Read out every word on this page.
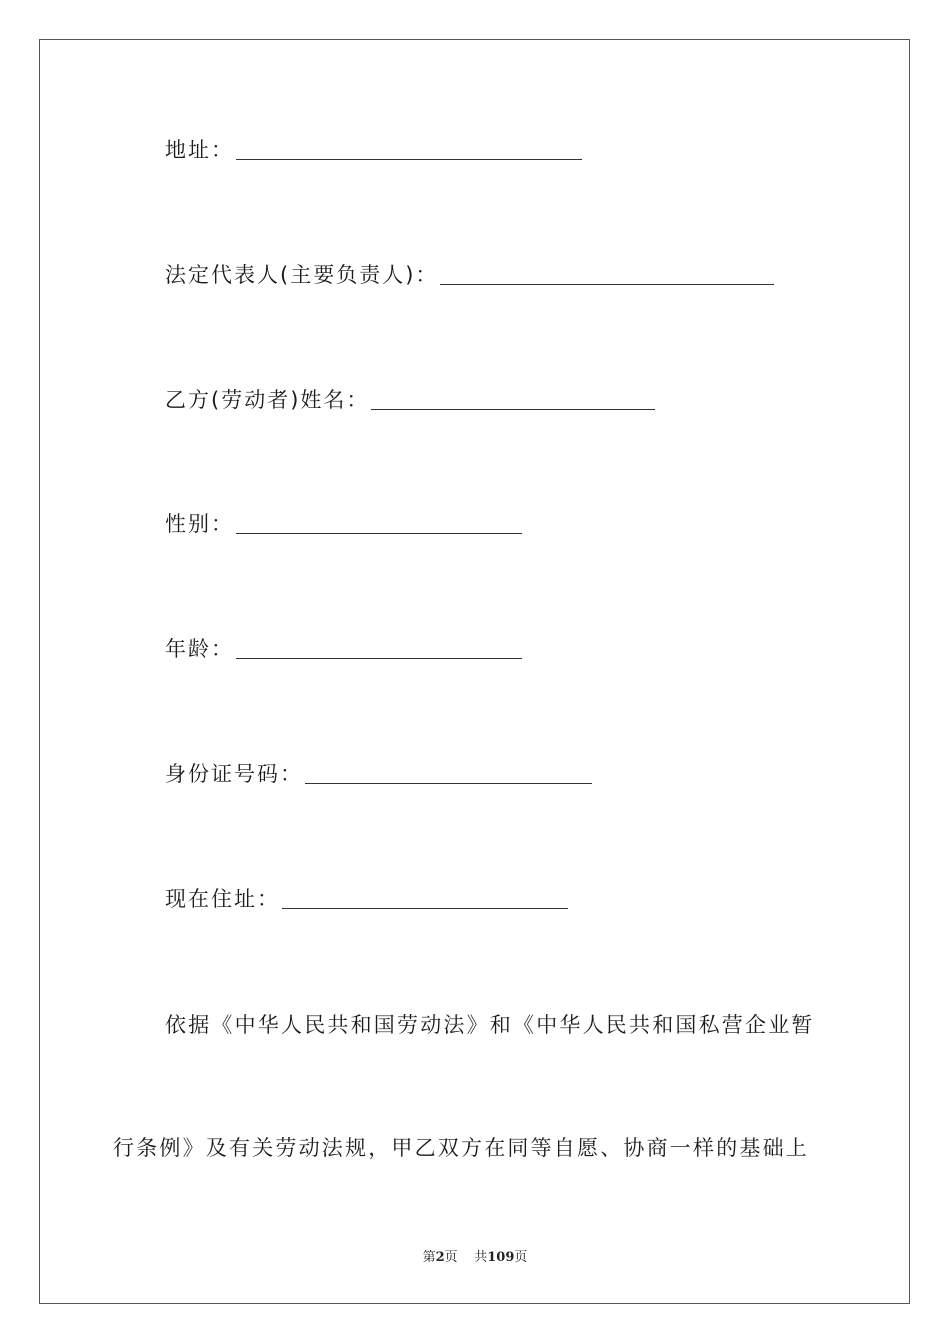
地址：
法定代表人(主要负责人)：
乙方(劳动者)姓名：
性别：
年龄：
身份证号码：
现在住址：
依据《中华人民共和国劳动法》和《中华人民共和国私营企业暂
行条例》及有关劳动法规，甲乙双方在同等自愿、协商一样的基础上
第2页 共109页
